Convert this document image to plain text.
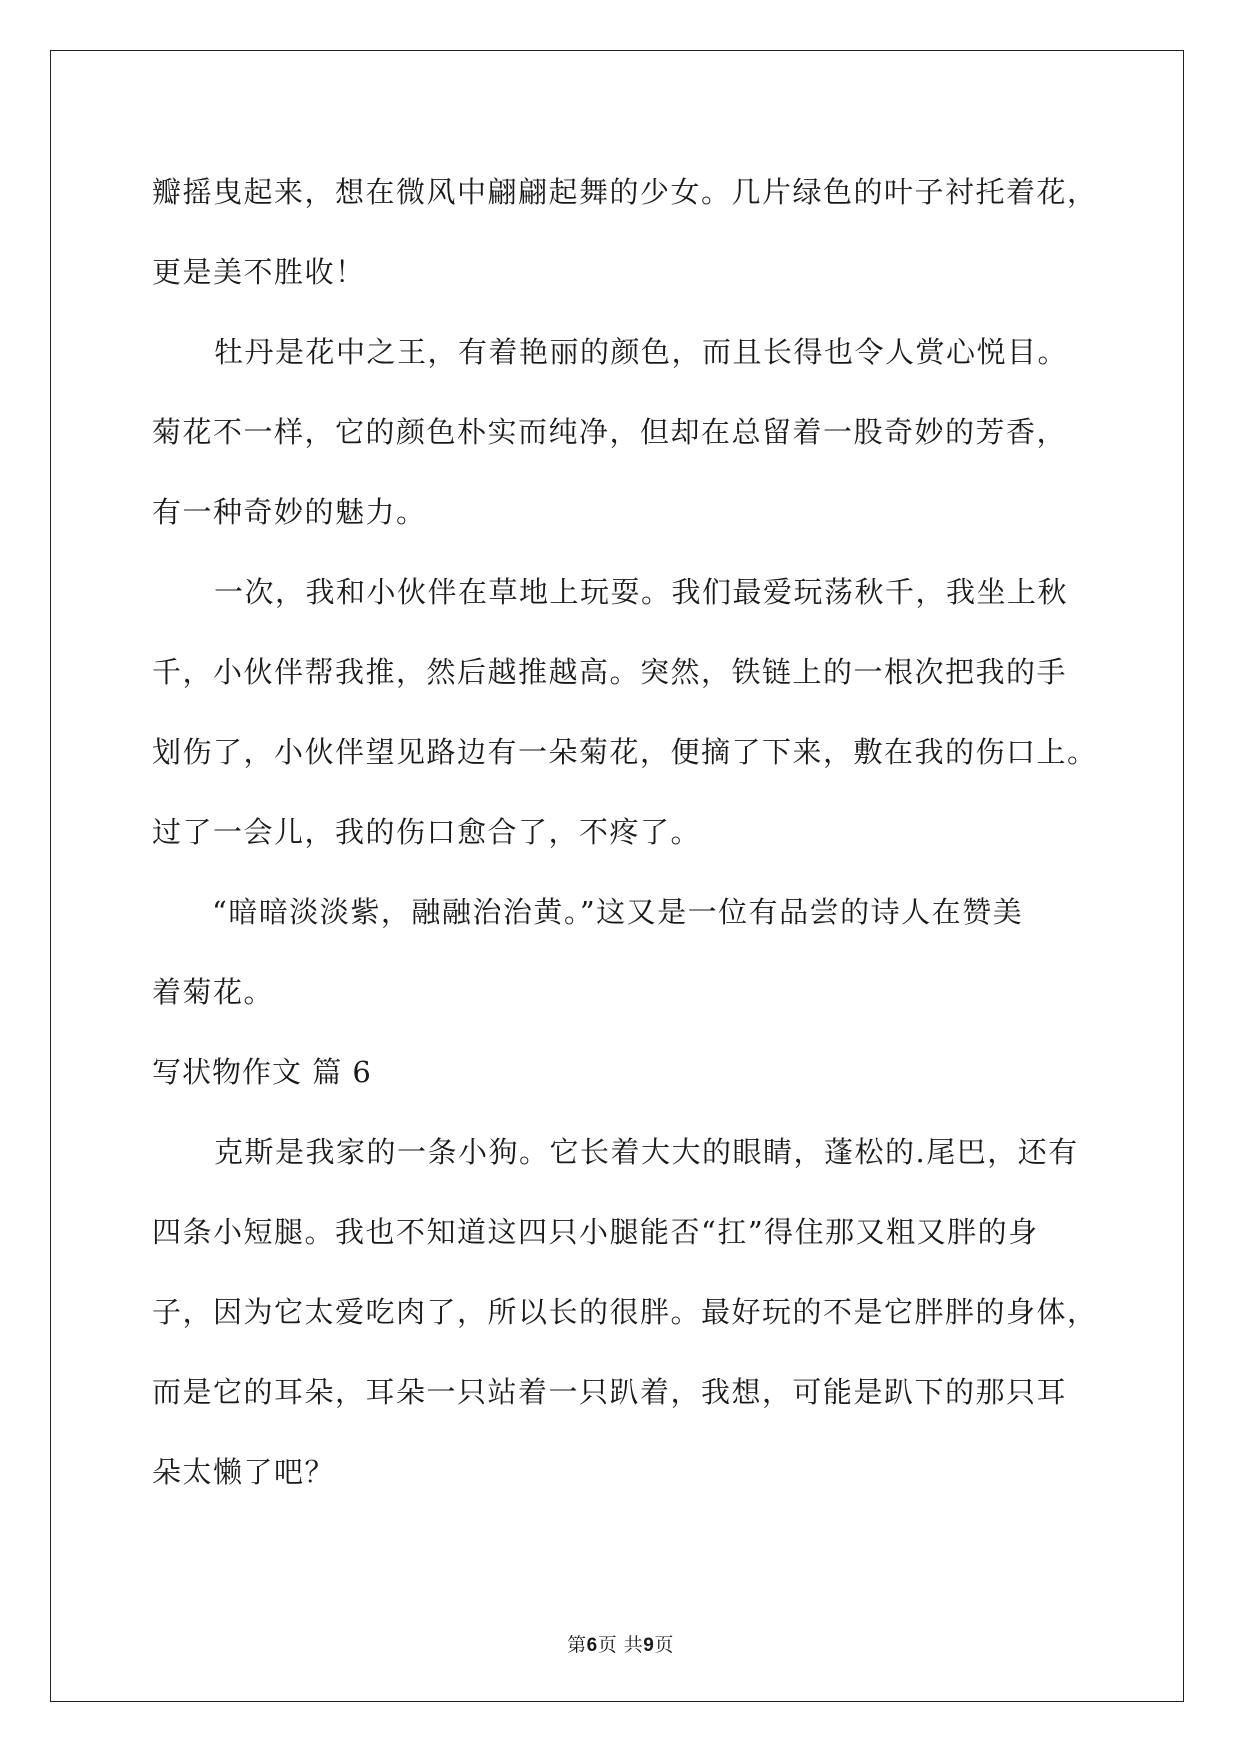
瓣摇曳起来，想在微风中翩翩起舞的少女。几片绿色的叶子衬托着花，
更是美不胜收！
牡丹是花中之王，有着艳丽的颜色，而且长得也令人赏心悦目。
菊花不一样，它的颜色朴实而纯净，但却在总留着一股奇妙的芳香，
有一种奇妙的魅力。
一次，我和小伙伴在草地上玩耍。我们最爱玩荡秋千，我坐上秋
千，小伙伴帮我推，然后越推越高。突然，铁链上的一根次把我的手
划伤了，小伙伴望见路边有一朵菊花，便摘了下来，敷在我的伤口上。
过了一会儿，我的伤口愈合了，不疼了。
“暗暗淡淡紫，融融治治黄。”这又是一位有品尝的诗人在赞美
着菊花。
写状物作文 篇 6
克斯是我家的一条小狗。它长着大大的眼睛，蓬松的.尾巴，还有
四条小短腿。我也不知道这四只小腿能否“扛”得住那又粗又胖的身
子，因为它太爱吃肉了，所以长的很胖。最好玩的不是它胖胖的身体，
而是它的耳朵，耳朵一只站着一只趴着，我想，可能是趴下的那只耳
朵太懒了吧？
第6页 共9页
